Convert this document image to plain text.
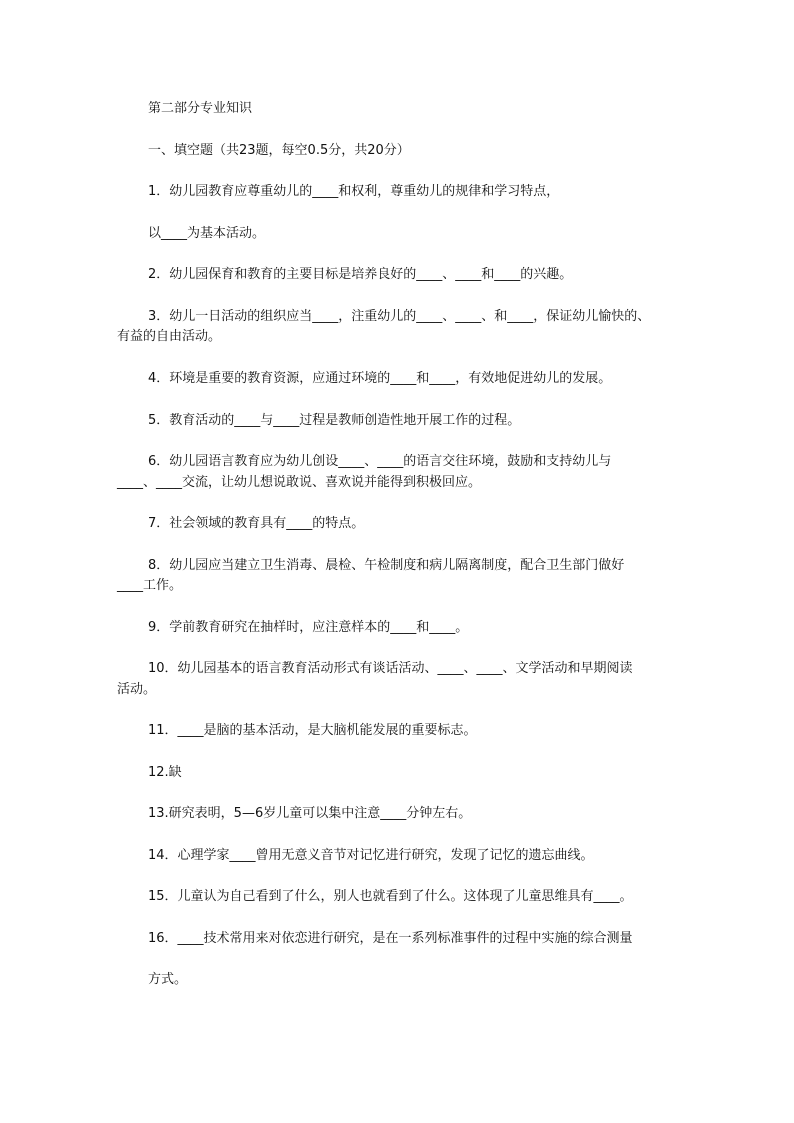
第二部分专业知识
一、填空题（共23题，每空0.5分，共20分）
1．幼儿园教育应尊重幼儿的____和权利，尊重幼儿的规律和学习特点，
以____为基本活动。
2．幼儿园保育和教育的主要目标是培养良好的____、____和____的兴趣。
3．幼儿一日活动的组织应当____，注重幼儿的____、____、和____，保证幼儿愉快的、
有益的自由活动。
4．环境是重要的教育资源，应通过环境的____和____，有效地促进幼儿的发展。
5．教育活动的____与____过程是教师创造性地开展工作的过程。
6．幼儿园语言教育应为幼儿创设____、____的语言交往环境，鼓励和支持幼儿与
____、____交流，让幼儿想说敢说、喜欢说并能得到积极回应。
7．社会领域的教育具有____的特点。
8．幼儿园应当建立卫生消毒、晨检、午检制度和病儿隔离制度，配合卫生部门做好
____工作。
9．学前教育研究在抽样时，应注意样本的____和____。
10．幼儿园基本的语言教育活动形式有谈话活动、____、____、文学活动和早期阅读
活动。
11．____是脑的基本活动，是大脑机能发展的重要标志。
12.缺
13.研究表明，5—6岁儿童可以集中注意____分钟左右。
14．心理学家____曾用无意义音节对记忆进行研究，发现了记忆的遗忘曲线。
15．儿童认为自己看到了什么，别人也就看到了什么。这体现了儿童思维具有____。
16．____技术常用来对依恋进行研究，是在一系列标准事件的过程中实施的综合测量
方式。
